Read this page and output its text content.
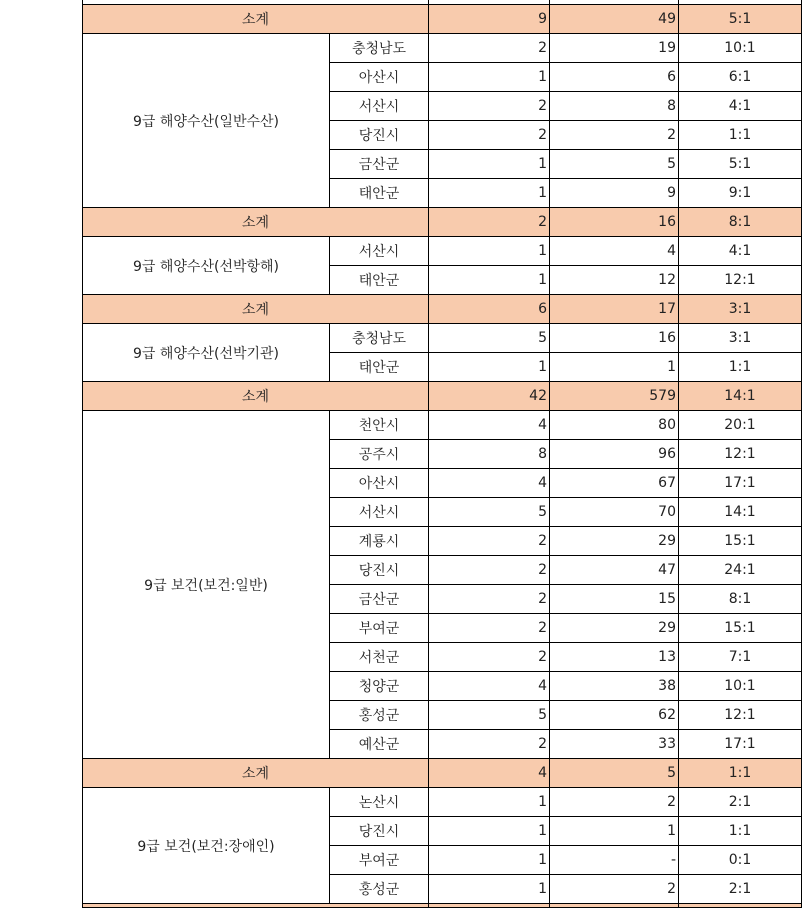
소계	9	49	5:1
9급 해양수산(일반수산)
충청남도	2	19	10:1
아산시	1	6	6:1
서산시	2	8	4:1
당진시	2	2	1:1
금산군	1	5	5:1
태안군	1	9	9:1
소계	2	16	8:1
9급 해양수산(선박항해)
서산시	1	4	4:1
태안군	1	12	12:1
소계	6	17	3:1
9급 해양수산(선박기관)
충청남도	5	16	3:1
태안군	1	1	1:1
소계	42	579	14:1
9급 보건(보건:일반)
천안시	4	80	20:1
공주시	8	96	12:1
아산시	4	67	17:1
서산시	5	70	14:1
계룡시	2	29	15:1
당진시	2	47	24:1
금산군	2	15	8:1
부여군	2	29	15:1
서천군	2	13	7:1
청양군	4	38	10:1
홍성군	5	62	12:1
예산군	2	33	17:1
소계	4	5	1:1
9급 보건(보건:장애인)
논산시	1	2	2:1
당진시	1	1	1:1
부여군	1	-	0:1
홍성군	1	2	2:1
